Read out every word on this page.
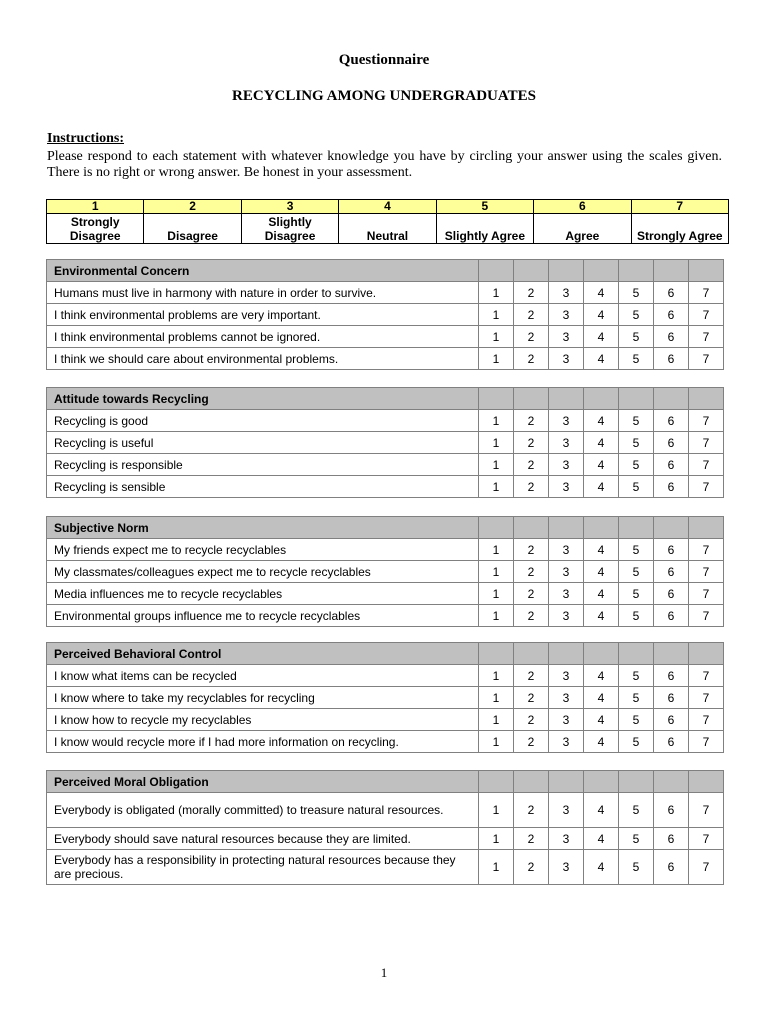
Questionnaire
RECYCLING AMONG UNDERGRADUATES
Instructions:
Please respond to each statement with whatever knowledge you have by circling your answer using the scales given. There is no right or wrong answer. Be honest in your assessment.
1	2	3	4	5	6	7
Strongly Disagree	Disagree	Slightly Disagree	Neutral	Slightly Agree	Agree	Strongly Agree
Environmental Concern							
Humans must live in harmony with nature in order to survive.	1	2	3	4	5	6	7
I think environmental problems are very important.	1	2	3	4	5	6	7
I think environmental problems cannot be ignored.	1	2	3	4	5	6	7
I think we should care about environmental problems.	1	2	3	4	5	6	7
Attitude towards Recycling							
Recycling is good	1	2	3	4	5	6	7
Recycling is useful	1	2	3	4	5	6	7
Recycling is responsible	1	2	3	4	5	6	7
Recycling is sensible	1	2	3	4	5	6	7
Subjective Norm							
My friends expect me to recycle recyclables	1	2	3	4	5	6	7
My classmates/colleagues expect me to recycle recyclables	1	2	3	4	5	6	7
Media influences me to recycle recyclables	1	2	3	4	5	6	7
Environmental groups influence me to recycle recyclables	1	2	3	4	5	6	7
Perceived Behavioral Control							
I know what items can be recycled	1	2	3	4	5	6	7
I know where to take my recyclables for recycling	1	2	3	4	5	6	7
I know how to recycle my recyclables	1	2	3	4	5	6	7
I know would recycle more if I had more information on recycling.	1	2	3	4	5	6	7
Perceived Moral Obligation							
Everybody is obligated (morally committed) to treasure natural resources.	1	2	3	4	5	6	7
Everybody should save natural resources because they are limited.	1	2	3	4	5	6	7
Everybody has a responsibility in protecting natural resources because they are precious.	1	2	3	4	5	6	7
1
